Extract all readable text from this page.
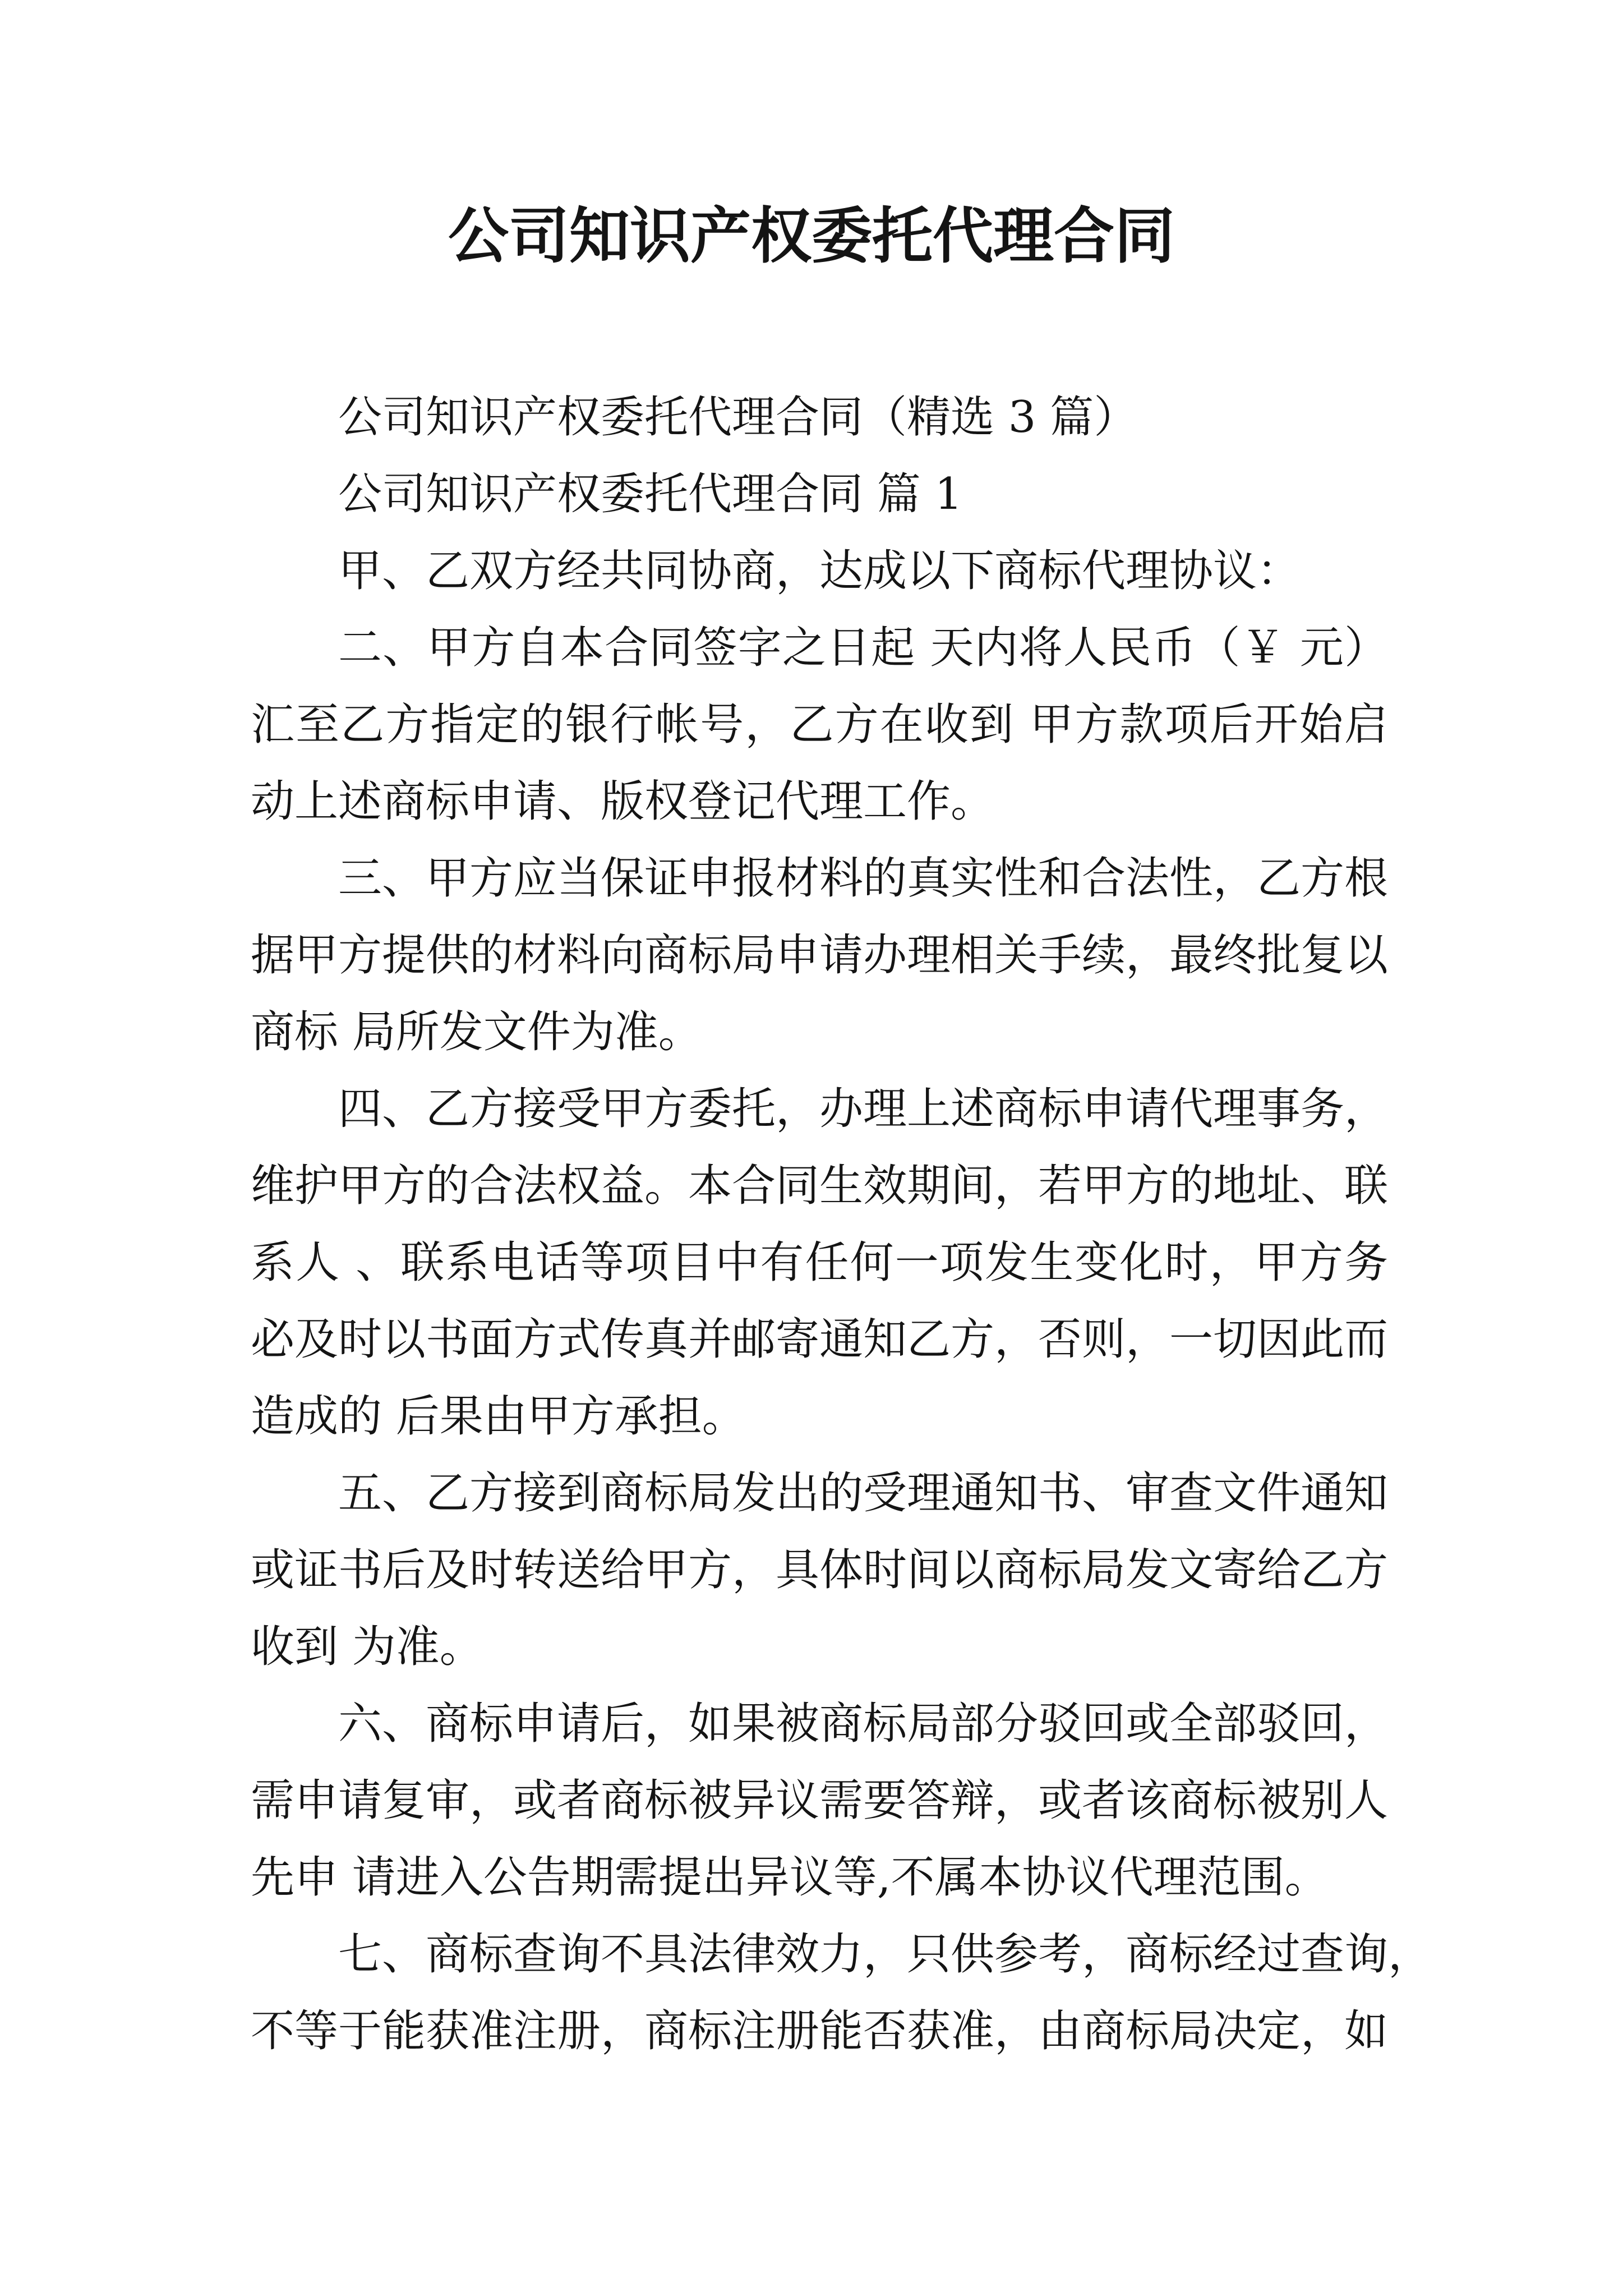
公司知识产权委托代理合同
公司知识产权委托代理合同（精选 3 篇）
公司知识产权委托代理合同 篇 1
甲、乙双方经共同协商，达成以下商标代理协议：
二、甲方自本合同签字之日起 天内将人民币（￥ 元）
汇至乙方指定的银行帐号，乙方在收到 甲方款项后开始启
动上述商标申请、版权登记代理工作。
三、甲方应当保证申报材料的真实性和合法性，乙方根
据甲方提供的材料向商标局申请办理相关手续，最终批复以
商标 局所发文件为准。
四、乙方接受甲方委托，办理上述商标申请代理事务，
维护甲方的合法权益。本合同生效期间，若甲方的地址、联
系人 、联系电话等项目中有任何一项发生变化时，甲方务
必及时以书面方式传真并邮寄通知乙方，否则，一切因此而
造成的 后果由甲方承担。
五、乙方接到商标局发出的受理通知书、审查文件通知
或证书后及时转送给甲方，具体时间以商标局发文寄给乙方
收到 为准。
六、商标申请后，如果被商标局部分驳回或全部驳回，
需申请复审，或者商标被异议需要答辩，或者该商标被别人
先申 请进入公告期需提出异议等,不属本协议代理范围。
七、商标查询不具法律效力，只供参考，商标经过查询，
不等于能获准注册，商标注册能否获准，由商标局决定，如
